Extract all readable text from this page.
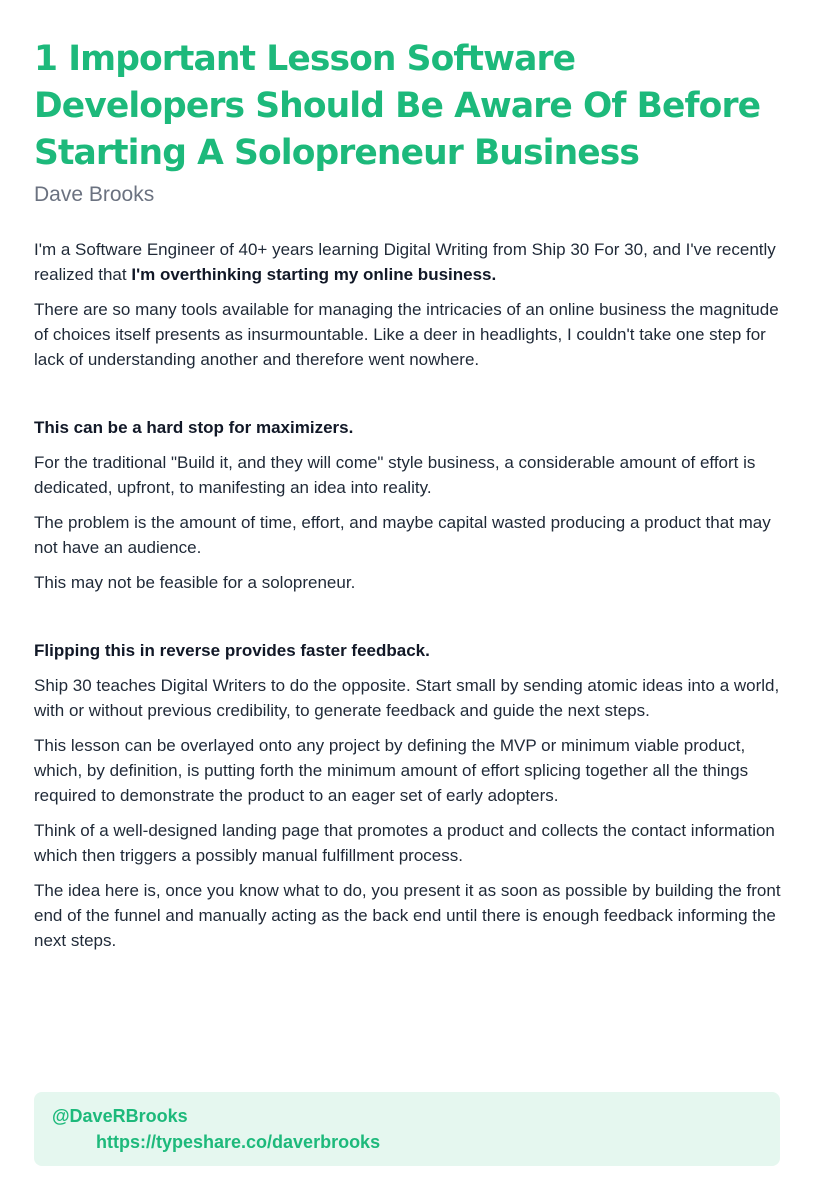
1 Important Lesson Software Developers Should Be Aware Of Before Starting A Solopreneur Business
Dave Brooks

I'm a Software Engineer of 40+ years learning Digital Writing from Ship 30 For 30, and I've recently realized that I'm overthinking starting my online business.

There are so many tools available for managing the intricacies of an online business the magnitude of choices itself presents as insurmountable. Like a deer in headlights, I couldn't take one step for lack of understanding another and therefore went nowhere.

This can be a hard stop for maximizers.

For the traditional "Build it, and they will come" style business, a considerable amount of effort is dedicated, upfront, to manifesting an idea into reality.

The problem is the amount of time, effort, and maybe capital wasted producing a product that may not have an audience.

This may not be feasible for a solopreneur.

Flipping this in reverse provides faster feedback.

Ship 30 teaches Digital Writers to do the opposite. Start small by sending atomic ideas into a world, with or without previous credibility, to generate feedback and guide the next steps.

This lesson can be overlayed onto any project by defining the MVP or minimum viable product, which, by definition, is putting forth the minimum amount of effort splicing together all the things required to demonstrate the product to an eager set of early adopters.

Think of a well-designed landing page that promotes a product and collects the contact information which then triggers a possibly manual fulfillment process.

The idea here is, once you know what to do, you present it as soon as possible by building the front end of the funnel and manually acting as the back end until there is enough feedback informing the next steps.

@DaveRBrooks
https://typeshare.co/daverbrooks
